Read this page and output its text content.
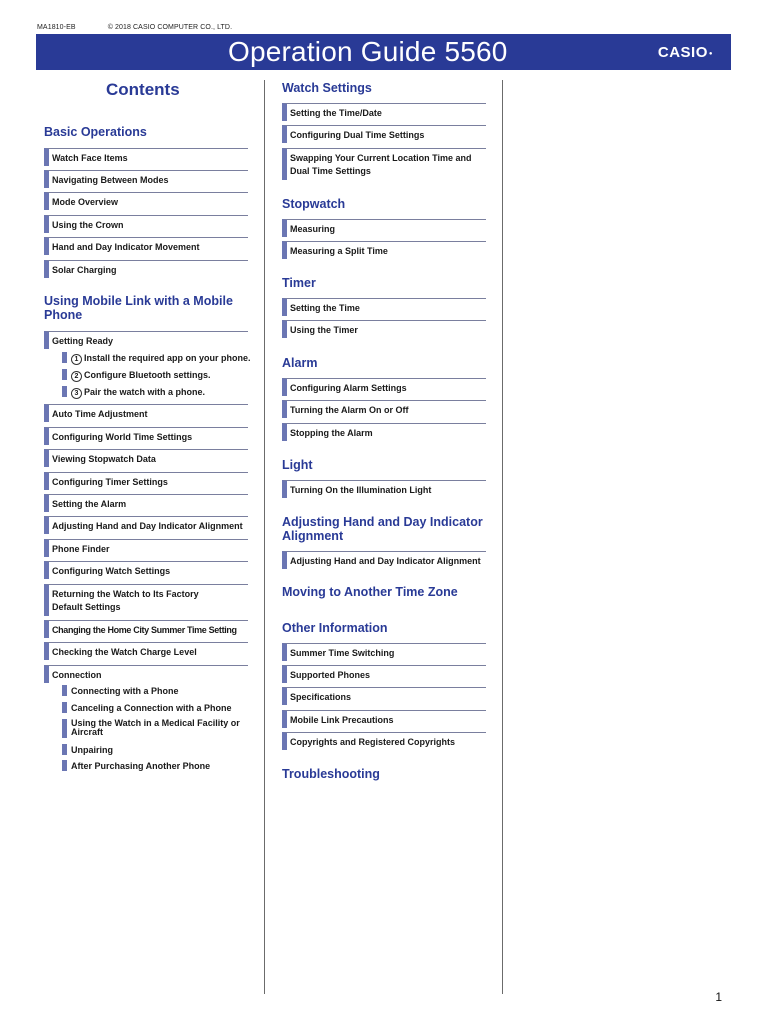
MA1810-EB	© 2018 CASIO COMPUTER CO., LTD.
Operation Guide 5560	CASIO●
Contents
Basic Operations
Watch Face Items
Navigating Between Modes
Mode Overview
Using the Crown
Hand and Day Indicator Movement
Solar Charging
Using Mobile Link with a Mobile Phone
Getting Ready
1 Install the required app on your phone.
2 Configure Bluetooth settings.
3 Pair the watch with a phone.
Auto Time Adjustment
Configuring World Time Settings
Viewing Stopwatch Data
Configuring Timer Settings
Setting the Alarm
Adjusting Hand and Day Indicator Alignment
Phone Finder
Configuring Watch Settings
Returning the Watch to Its Factory Default Settings
Changing the Home City Summer Time Setting
Checking the Watch Charge Level
Connection
Connecting with a Phone
Canceling a Connection with a Phone
Using the Watch in a Medical Facility or Aircraft
Unpairing
After Purchasing Another Phone
Watch Settings
Setting the Time/Date
Configuring Dual Time Settings
Swapping Your Current Location Time and Dual Time Settings
Stopwatch
Measuring
Measuring a Split Time
Timer
Setting the Time
Using the Timer
Alarm
Configuring Alarm Settings
Turning the Alarm On or Off
Stopping the Alarm
Light
Turning On the Illumination Light
Adjusting Hand and Day Indicator Alignment
Adjusting Hand and Day Indicator Alignment
Moving to Another Time Zone
Other Information
Summer Time Switching
Supported Phones
Specifications
Mobile Link Precautions
Copyrights and Registered Copyrights
Troubleshooting
1
